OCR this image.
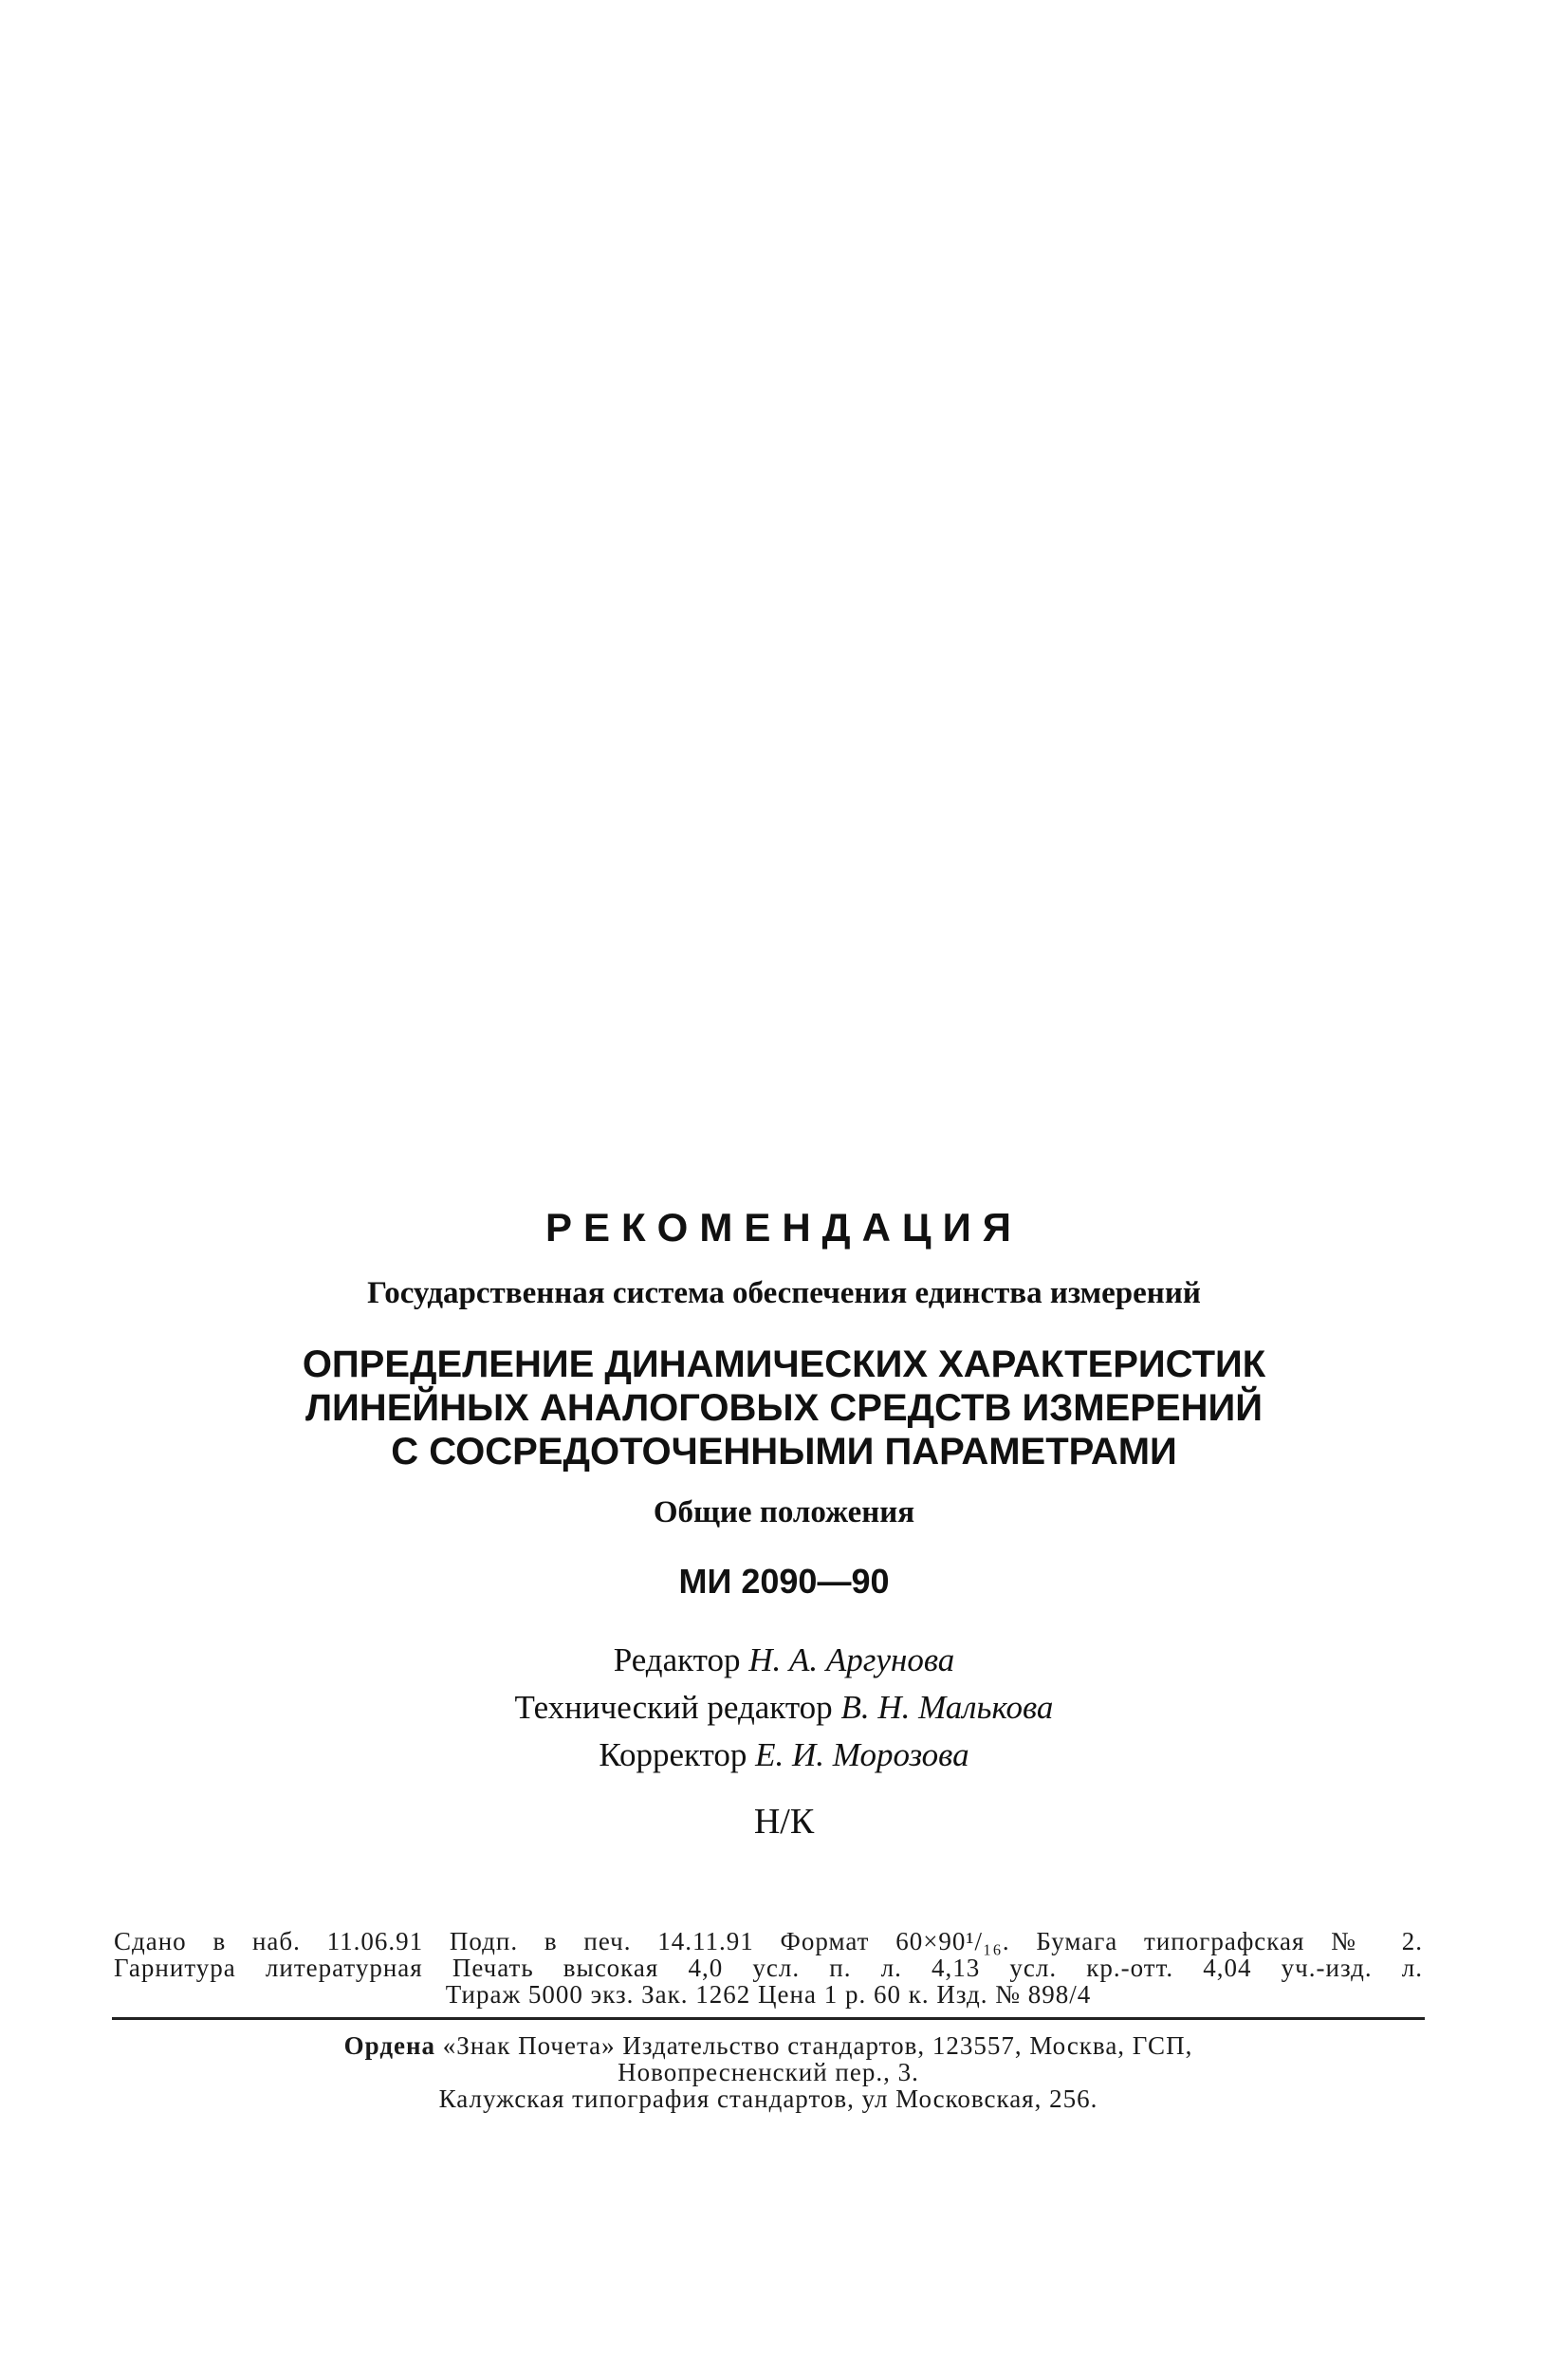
РЕКОМЕНДАЦИЯ
Государственная система обеспечения единства измерений
ОПРЕДЕЛЕНИЕ ДИНАМИЧЕСКИХ ХАРАКТЕРИСТИК
ЛИНЕЙНЫХ АНАЛОГОВЫХ СРЕДСТВ ИЗМЕРЕНИЙ
С СОСРЕДОТОЧЕННЫМИ ПАРАМЕТРАМИ
Общие положения
МИ 2090—90
Редактор Н. А. Аргунова
Технический редактор В. Н. Малькова
Корректор Е. И. Морозова
Н/К
Сдано в наб. 11.06.91 Подп. в печ. 14.11.91 Формат 60×90¹/₁₆. Бумага типографская № 2.
Гарнитура литературная Печать высокая 4,0 усл. п. л. 4,13 усл. кр.-отт. 4,04 уч.-изд. л.
Тираж 5000 экз. Зак. 1262 Цена 1 р. 60 к. Изд. № 898/4
Ордена «Знак Почета» Издательство стандартов, 123557, Москва, ГСП,
Новопресненский пер., 3.
Калужская типография стандартов, ул Московская, 256.
